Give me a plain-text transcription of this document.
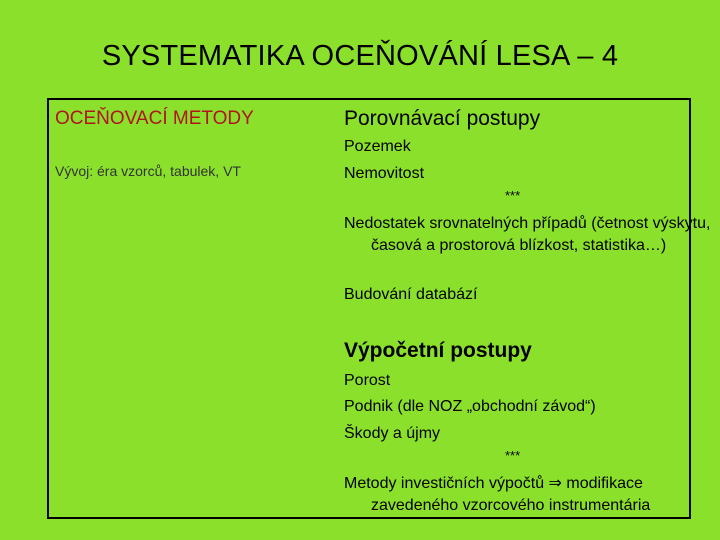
SYSTEMATIKA OCEŇOVÁNÍ LESA – 4
OCEŇOVACÍ METODY
Vývoj: éra vzorců, tabulek, VT
Porovnávací postupy
Pozemek
Nemovitost
***
Nedostatek srovnatelných případů (četnost výskytu, časová a prostorová blízkost, statistika…)
Budování databází
Výpočetní postupy
Porost
Podnik (dle NOZ „obchodní závod“)
Škody a újmy
***
Metody investičních výpočtů ⇒ modifikace zavedeného vzorcového instrumentária
